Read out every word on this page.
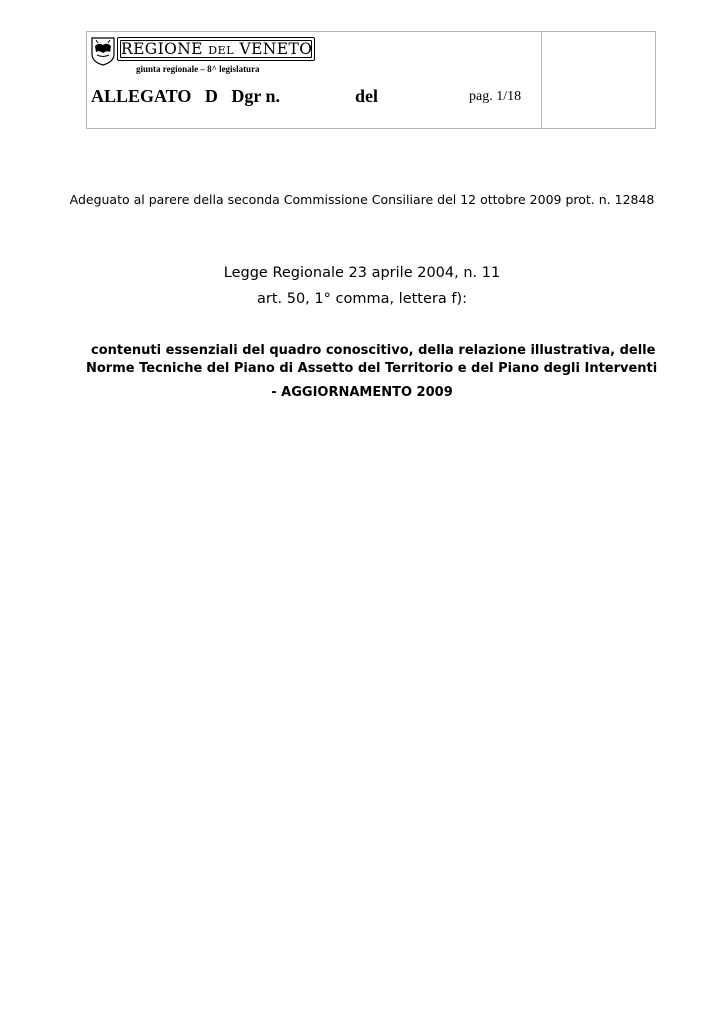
REGIONE DEL VENETO
giunta regionale – 8^ legislatura
ALLEGATO   D   Dgr n.	del	pag. 1/18
Adeguato al parere della seconda Commissione Consiliare del 12 ottobre 2009 prot. n. 12848
Legge Regionale 23 aprile 2004, n. 11
art. 50, 1° comma, lettera f):
contenuti essenziali del quadro conoscitivo, della relazione illustrativa, delle Norme Tecniche del Piano di Assetto del Territorio e del Piano degli Interventi
- AGGIORNAMENTO 2009
